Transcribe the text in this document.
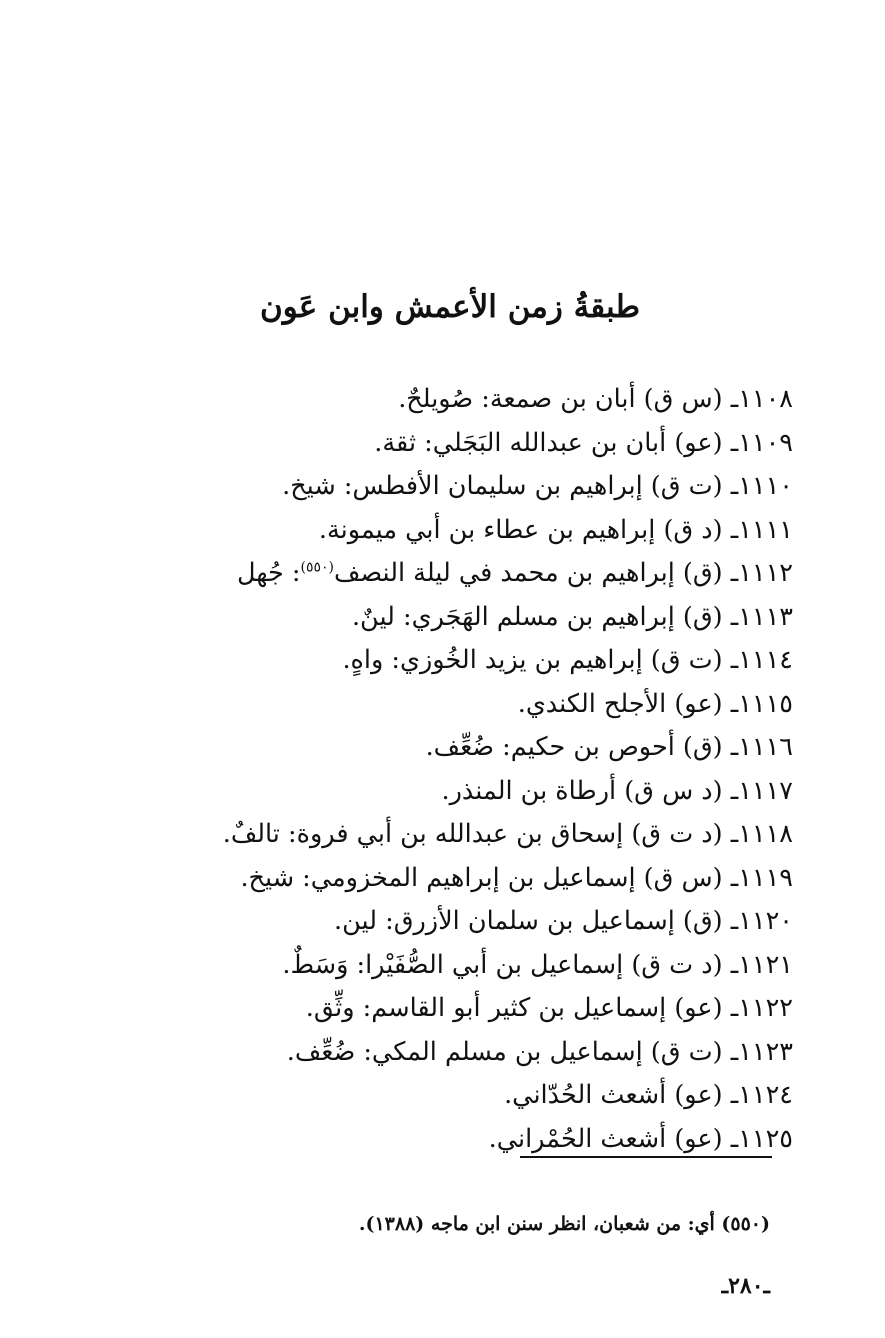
طبقةُ زمن الأعمش وابن عَون
١١٠٨ـ (س ق) أبان بن صمعة: صُويلحٌ.
١١٠٩ـ (عو) أبان بن عبدالله البَجَلي: ثقة.
١١١٠ـ (ت ق) إبراهيم بن سليمان الأفطس: شيخ.
١١١١ـ (د ق) إبراهيم بن عطاء بن أبي ميمونة.
١١١٢ـ (ق) إبراهيم بن محمد في ليلة النصف$^{(٥٥٠)}$: جُهل
١١١٣ـ (ق) إبراهيم بن مسلم الهَجَري: لينٌ.
١١١٤ـ (ت ق) إبراهيم بن يزيد الخُوزي: واهٍ.
١١١٥ـ (عو) الأجلح الكندي.
١١١٦ـ (ق) أحوص بن حكيم: ضُعِّف.
١١١٧ـ (د س ق) أرطاة بن المنذر.
١١١٨ـ (د ت ق) إسحاق بن عبدالله بن أبي فروة: تالفٌ.
١١١٩ـ (س ق) إسماعيل بن إبراهيم المخزومي: شيخ.
١١٢٠ـ (ق) إسماعيل بن سلمان الأزرق: لين.
١١٢١ـ (د ت ق) إسماعيل بن أبي الصُّفَيْرا: وَسَطٌ.
١١٢٢ـ (عو) إسماعيل بن كثير أبو القاسم: وثِّق.
١١٢٣ـ (ت ق) إسماعيل بن مسلم المكي: ضُعِّف.
١١٢٤ـ (عو) أشعث الحُدّاني.
١١٢٥ـ (عو) أشعث الحُمْراني.

(٥٥٠) أي: من شعبان، انظر سنن ابن ماجه (١٣٨٨).

ـ٢٨٠ـ
